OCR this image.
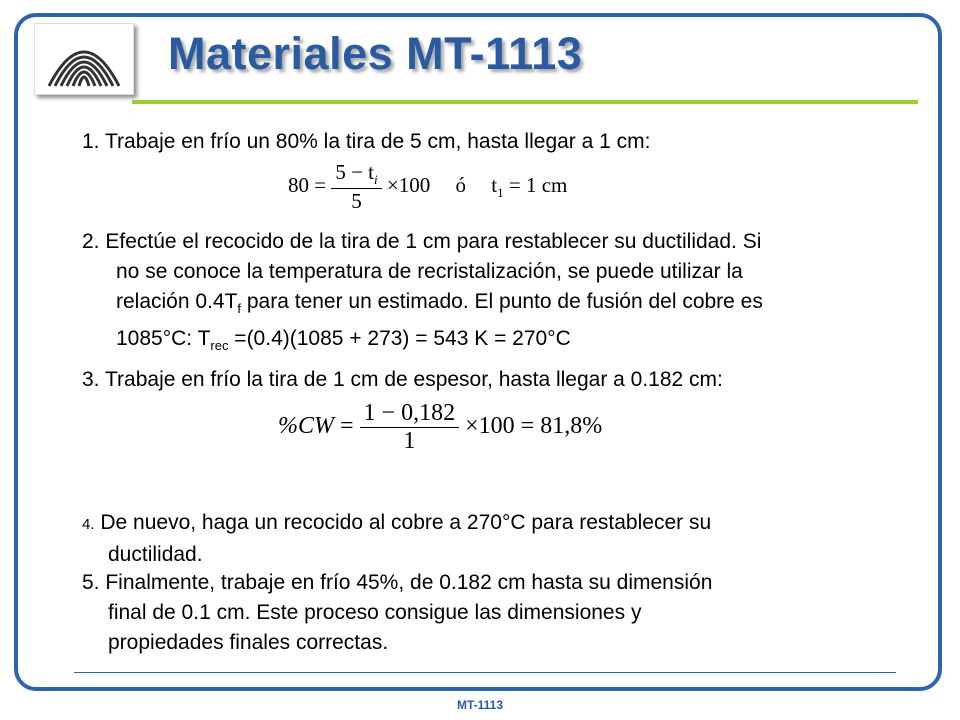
Materiales MT-1113
1. Trabaje en frío un 80% la tira de 5 cm, hasta llegar a 1 cm:
$80 = \frac{5 - t_i}{5} \times 100$ ó $t_1 = 1$ cm
2. Efectúe el recocido de la tira de 1 cm para restablecer su ductilidad. Si
no se conoce la temperatura de recristalización, se puede utilizar la
relación $0.4T_f$ para tener un estimado. El punto de fusión del cobre es
1085°C: $T_{rec} =(0.4)(1085 + 273) = 543$ K = 270°C
3. Trabaje en frío la tira de 1 cm de espesor, hasta llegar a 0.182 cm:
$\%CW = \frac{1 - 0,182}{1} \times 100 = 81,8\%$
4. De nuevo, haga un recocido al cobre a 270°C para restablecer su
ductilidad.
5. Finalmente, trabaje en frío 45%, de 0.182 cm hasta su dimensión
final de 0.1 cm. Este proceso consigue las dimensiones y
propiedades finales correctas.
MT-1113
